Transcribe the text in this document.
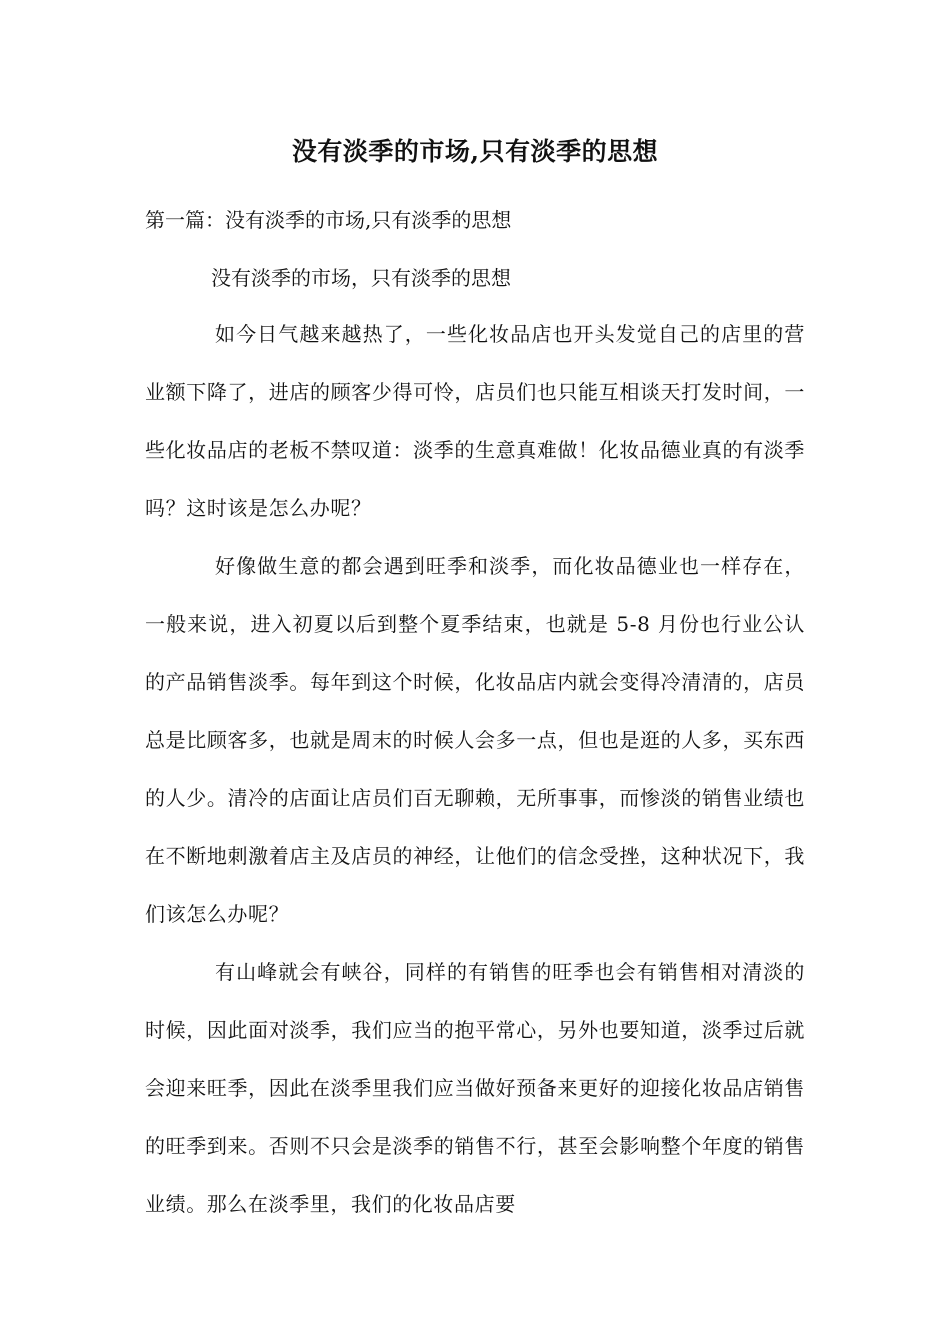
没有淡季的市场,只有淡季的思想
第一篇：没有淡季的市场,只有淡季的思想
没有淡季的市场，只有淡季的思想

如今日气越来越热了，一些化妆品店也开头发觉自己的店里的营业额下降了，进店的顾客少得可怜，店员们也只能互相谈天打发时间，一些化妆品店的老板不禁叹道：淡季的生意真难做！化妆品德业真的有淡季吗？这时该是怎么办呢？

好像做生意的都会遇到旺季和淡季，而化妆品德业也一样存在，一般来说，进入初夏以后到整个夏季结束，也就是 5-8 月份也行业公认的产品销售淡季。每年到这个时候，化妆品店内就会变得冷清清的，店员总是比顾客多，也就是周末的时候人会多一点，但也是逛的人多，买东西的人少。清冷的店面让店员们百无聊赖，无所事事，而惨淡的销售业绩也在不断地刺激着店主及店员的神经，让他们的信念受挫，这种状况下，我们该怎么办呢？

有山峰就会有峡谷，同样的有销售的旺季也会有销售相对清淡的时候，因此面对淡季，我们应当的抱平常心，另外也要知道，淡季过后就会迎来旺季，因此在淡季里我们应当做好预备来更好的迎接化妆品店销售的旺季到来。否则不只会是淡季的销售不行，甚至会影响整个年度的销售业绩。那么在淡季里，我们的化妆品店要
